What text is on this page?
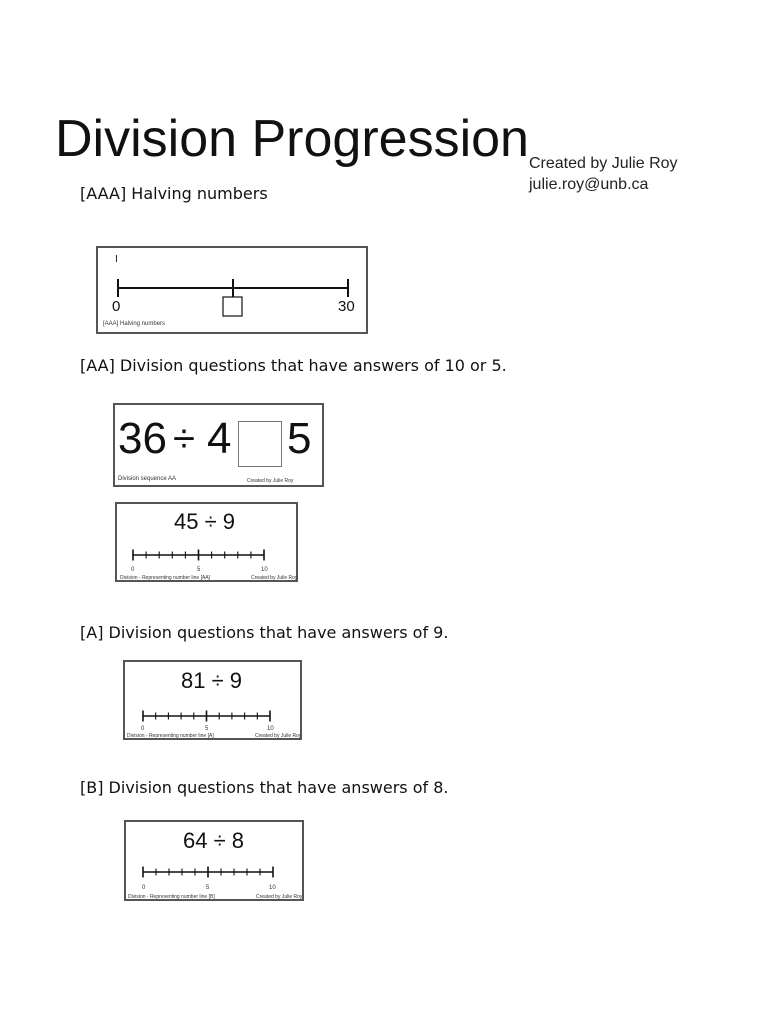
Division Progression Created by Julie Roy
julie.roy@unb.ca
[AAA] Halving numbers
I
0	30
[AAA] Halving numbers
[AA] Division questions that have answers of 10 or 5.
36 ÷ 4 5
Division sequence AA	Created by Julie Roy
45 ÷ 9
0	5	10
Division - Representing number line [AA]	Created by Julie Roy
[A] Division questions that have answers of 9.
81 ÷ 9
0	5	10
Division - Representing number line [A]	Created by Julie Roy
[B] Division questions that have answers of 8.
64 ÷ 8
0	5	10
Division - Representing number line [B]	Created by Julie Roy
